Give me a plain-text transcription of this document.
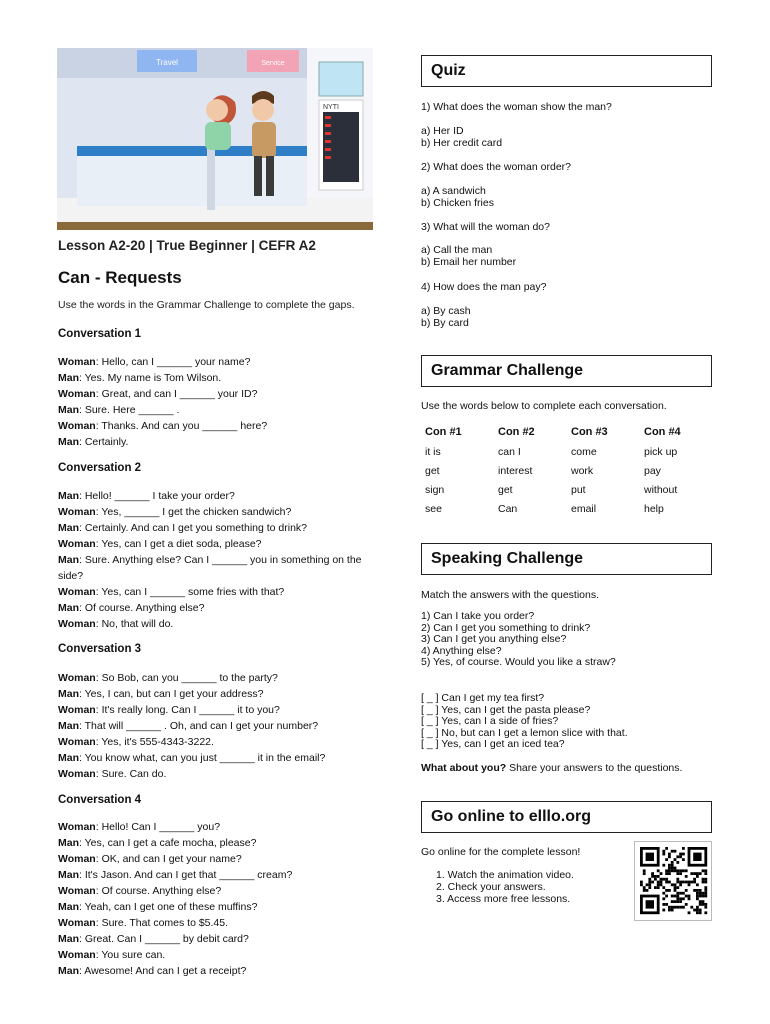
Travel	Service
NYTI
Lesson A2-20 | True Beginner | CEFR A2
Can - Requests
Use the words in the Grammar Challenge to complete the gaps.
Conversation 1

Woman: Hello, can I ______ your name?

Man: Yes. My name is Tom Wilson.

Woman: Great, and can I ______ your ID?

Man: Sure. Here ______ .

Woman: Thanks. And can you ______ here?

Man: Certainly.

Conversation 2

Man: Hello! ______ I take your order?

Woman: Yes, ______ I get the chicken sandwich?

Man: Certainly. And can I get you something to drink?

Woman: Yes, can I get a diet soda, please?

Man: Sure. Anything else? Can I ______ you in something on the side?

Woman: Yes, can I ______ some fries with that?

Man: Of course. Anything else?

Woman: No, that will do.

Conversation 3

Woman: So Bob, can you ______ to the party?

Man: Yes, I can, but can I get your address?

Woman: It's really long. Can I ______ it to you?

Man: That will ______ . Oh, and can I get your number?

Woman: Yes, it's 555-4343-3222.

Man: You know what, can you just ______ it in the email?

Woman: Sure. Can do.

Conversation 4

Woman: Hello! Can I ______ you?

Man: Yes, can I get a cafe mocha, please?

Woman: OK, and can I get your name?

Man: It's Jason. And can I get that ______ cream?

Woman: Of course. Anything else?

Man: Yeah, can I get one of these muffins?

Woman: Sure. That comes to $5.45.

Man: Great. Can I ______ by debit card?

Woman: You sure can.

Man: Awesome! And can I get a receipt?

Quiz
1) What does the woman show the man?
a) Her ID
b) Her credit card
2) What does the woman order?
a) A sandwich
b) Chicken fries
3) What will the woman do?
a) Call the man
b) Email her number
4) How does the man pay?
a) By cash
b) By card
Grammar Challenge
Use the words below to complete each conversation.
Con #1	Con #2	Con #3	Con #4
it is	can I	come	pick up
get	interest	work	pay
sign	get	put	without
see	Can	email	help
Speaking Challenge
Match the answers with the questions.
1) Can I take you order?
2) Can I get you something to drink?
3) Can I get you anything else?
4) Anything else?
5) Yes, of course. Would you like a straw?
[ _ ] Can I get my tea first?
[ _ ] Yes, can I get the pasta please?
[ _ ] Yes, can I a side of fries?
[ _ ] No, but can I get a lemon slice with that.
[ _ ] Yes, can I get an iced tea?
What about you? Share your answers to the questions.
Go online to elllo.org
Go online for the complete lesson!
1. Watch the animation video.
2. Check your answers.
3. Access more free lessons.
